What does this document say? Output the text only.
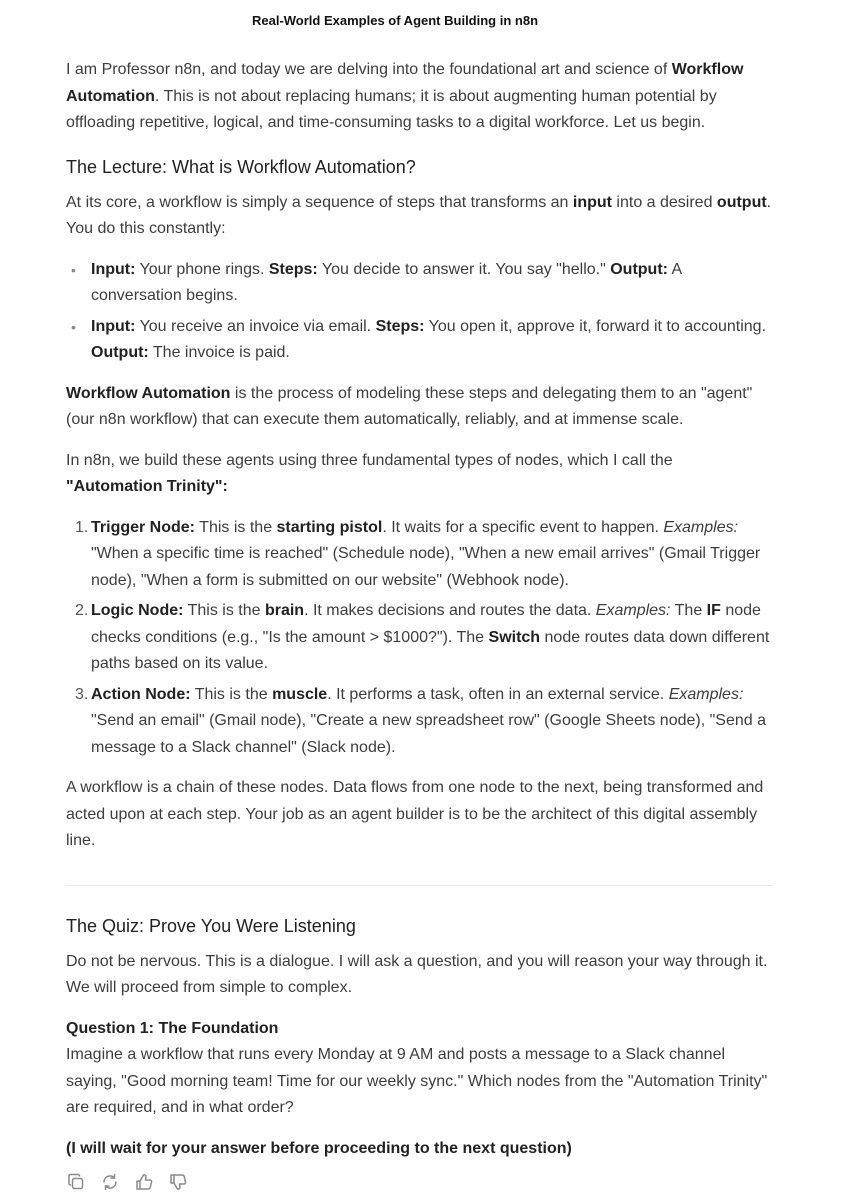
Real-World Examples of Agent Building in n8n

I am Professor n8n, and today we are delving into the foundational art and science of Workflow Automation. This is not about replacing humans; it is about augmenting human potential by offloading repetitive, logical, and time-consuming tasks to a digital workforce. Let us begin.

The Lecture: What is Workflow Automation?

At its core, a workflow is simply a sequence of steps that transforms an input into a desired output. You do this constantly:

• Input: Your phone rings. Steps: You decide to answer it. You say "hello." Output: A conversation begins.
• Input: You receive an invoice via email. Steps: You open it, approve it, forward it to accounting. Output: The invoice is paid.

Workflow Automation is the process of modeling these steps and delegating them to an "agent" (our n8n workflow) that can execute them automatically, reliably, and at immense scale.

In n8n, we build these agents using three fundamental types of nodes, which I call the "Automation Trinity":

1. Trigger Node: This is the starting pistol. It waits for a specific event to happen. Examples: "When a specific time is reached" (Schedule node), "When a new email arrives" (Gmail Trigger node), "When a form is submitted on our website" (Webhook node).
2. Logic Node: This is the brain. It makes decisions and routes the data. Examples: The IF node checks conditions (e.g., "Is the amount > $1000?"). The Switch node routes data down different paths based on its value.
3. Action Node: This is the muscle. It performs a task, often in an external service. Examples: "Send an email" (Gmail node), "Create a new spreadsheet row" (Google Sheets node), "Send a message to a Slack channel" (Slack node).

A workflow is a chain of these nodes. Data flows from one node to the next, being transformed and acted upon at each step. Your job as an agent builder is to be the architect of this digital assembly line.

The Quiz: Prove You Were Listening

Do not be nervous. This is a dialogue. I will ask a question, and you will reason your way through it. We will proceed from simple to complex.

Question 1: The Foundation
Imagine a workflow that runs every Monday at 9 AM and posts a message to a Slack channel saying, "Good morning team! Time for our weekly sync." Which nodes from the "Automation Trinity" are required, and in what order?

(I will wait for your answer before proceeding to the next question)
